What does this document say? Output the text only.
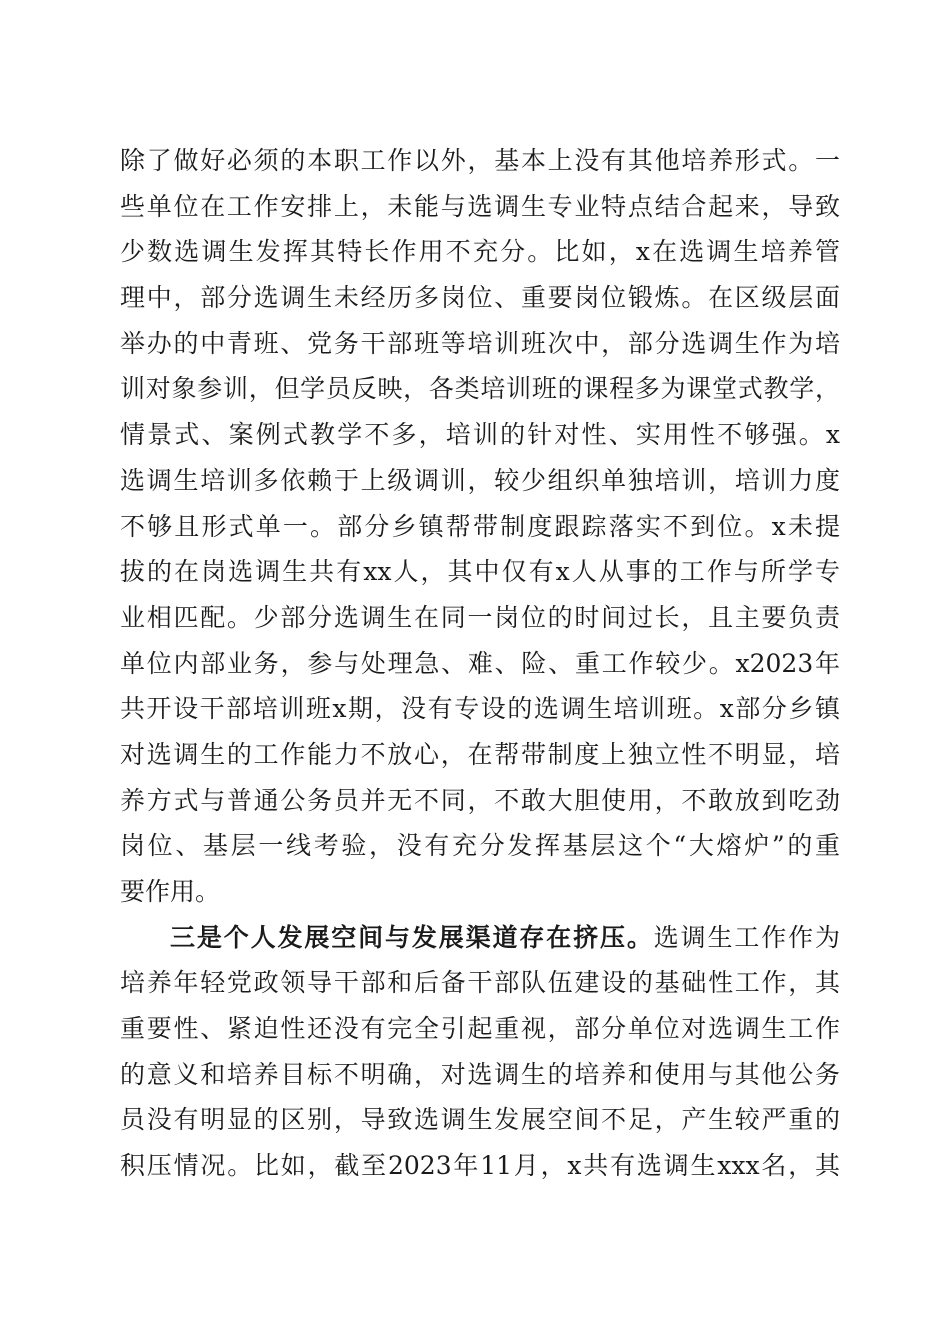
除了做好必须的本职工作以外，基本上没有其他培养形式。一
些单位在工作安排上，未能与选调生专业特点结合起来，导致
少数选调生发挥其特长作用不充分。比如，x在选调生培养管
理中，部分选调生未经历多岗位、重要岗位锻炼。在区级层面
举办的中青班、党务干部班等培训班次中，部分选调生作为培
训对象参训，但学员反映，各类培训班的课程多为课堂式教学，
情景式、案例式教学不多，培训的针对性、实用性不够强。x
选调生培训多依赖于上级调训，较少组织单独培训，培训力度
不够且形式单一。部分乡镇帮带制度跟踪落实不到位。x未提
拔的在岗选调生共有xx人，其中仅有x人从事的工作与所学专
业相匹配。少部分选调生在同一岗位的时间过长，且主要负责
单位内部业务，参与处理急、难、险、重工作较少。x2023年
共开设干部培训班x期，没有专设的选调生培训班。x部分乡镇
对选调生的工作能力不放心，在帮带制度上独立性不明显，培
养方式与普通公务员并无不同，不敢大胆使用，不敢放到吃劲
岗位、基层一线考验，没有充分发挥基层这个“大熔炉”的重
要作用。
三是个人发展空间与发展渠道存在挤压。选调生工作作为
培养年轻党政领导干部和后备干部队伍建设的基础性工作，其
重要性、紧迫性还没有完全引起重视，部分单位对选调生工作
的意义和培养目标不明确，对选调生的培养和使用与其他公务
员没有明显的区别，导致选调生发展空间不足，产生较严重的
积压情况。比如，截至2023年11月，x共有选调生xxx名，其
